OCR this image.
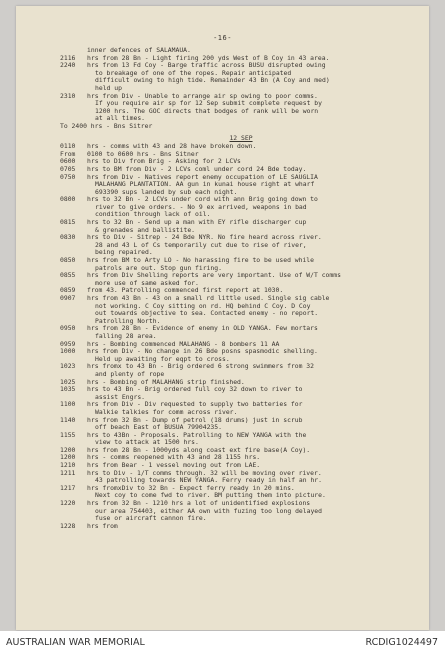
-16-
inner defences of SALAMAUA.
2116	hrs from 28 Bn - Light firing 200 yds West of B Coy in 43 area.
2240	hrs from 13 Fd Coy - Barge traffic across BUSU disrupted owing
to breakage of one of the ropes. Repair anticipated
difficult owing to high tide. Remainder 43 Bn (A Coy and med)
held up
2310	hrs from Div - Unable to arrange air sp owing to poor comms.
If you require air sp for 12 Sep submit complete request by
1200 hrs. The GOC directs that bodges of rank will be worn
at all times.
To 2400 hrs - Bns Sitrer
12 SEP
0110	hrs - comms with 43 and 28 have broken down.
From	0100 to 0600 hrs - Bns Sitner
0600	hrs to Div from Brig - Asking for 2 LCVs
0705	hrs to BM from Div - 2 LCVs coml under cord 24 Bde today.
0750	hrs from Div - Natives report enemy occupation of LE SAUGLIA
MALAHANG PLANTATION. AA gun in kunai house right at wharf
693390 sups landed by sub each night.
0800	hrs to 32 Bn - 2 LCVs under cord with ann Brig going down to
river to give orders. - No 9 ex arrived, weapons in bad
condition through lack of oil.
0815	hrs to 32 Bn - Send up a man with EY rifle discharger cup
& grenades and ballistite.
0830	hrs to Div - Sitrep - 24 Bde NYR. No fire heard across river.
28 and 43 L of Cs temporarily cut due to rise of river,
being repaired.
0850	hrs from BM to Arty LO - No harassing fire to be used while
patrols are out. Stop gun firing.
0855	hrs from Div Shelling reports are very important. Use of W/T comms
more use of same asked for.
0859	from 43. Patrolling commenced first report at 1030.
0907	hrs from 43 Bn - 43 on a small rd little used. Single sig cable
not working. C Coy sitting on rd. HQ behind C Coy. D Coy
out towards objective to sea. Contacted enemy - no report.
Patrolling North.
0950	hrs from 28 Bn - Evidence of enemy in OLD YANGA. Few mortars
falling 28 area.
0959	hrs - Bombing commenced MALAHANG - 8 bombers 11 AA
1000	hrs from Div - No change in 26 Bde posns spasmodic shelling.
Held up awaiting for eqpt to cross.
1023	hrs fromx to 43 Bn - Brig ordered 6 strong swimmers from 32
and plenty of rope
1025	hrs - Bombing of MALAHANG strip finished.
1035	hrs to 43 Bn - Brig ordered full coy 32 down to river to
assist Engrs.
1100	hrs from Div - Div requested to supply two batteries for
Walkie talkies for comm across river.
1140	hrs from 32 Bn - Dump of petrol (18 drums) just in scrub
off beach East of BUSUA 79904235.
1155	hrs to 43Bn - Proposals. Patrolling to NEW YANGA with the
view to attack at 1500 hrs.
1200	hrs from 28 Bn - 1000yds along coast ext fire base(A Coy).
1200	hrs - comms reopened with 43 and 28 1155 hrs.
1210	hrs from Bear - 1 vessel moving out from LAE.
1211	hrs to Div - 1/T comms through. 32 will be moving over river.
43 patrolling towards NEW YANGA. Ferry ready in half an hr.
1217	hrs fromxDiv to 32 Bn - Expect ferry ready in 20 mins.
Next coy to come fwd to river. BM putting them into picture.
1220	hrs from 32 Bn - 1210 hrs a lot of unidentified explosions
our area 754403, either AA own with fuzing too long delayed
fuse or aircraft cannon fire.
1228	hrs from
AUSTRALIAN WAR MEMORIAL	RCDIG1024497
